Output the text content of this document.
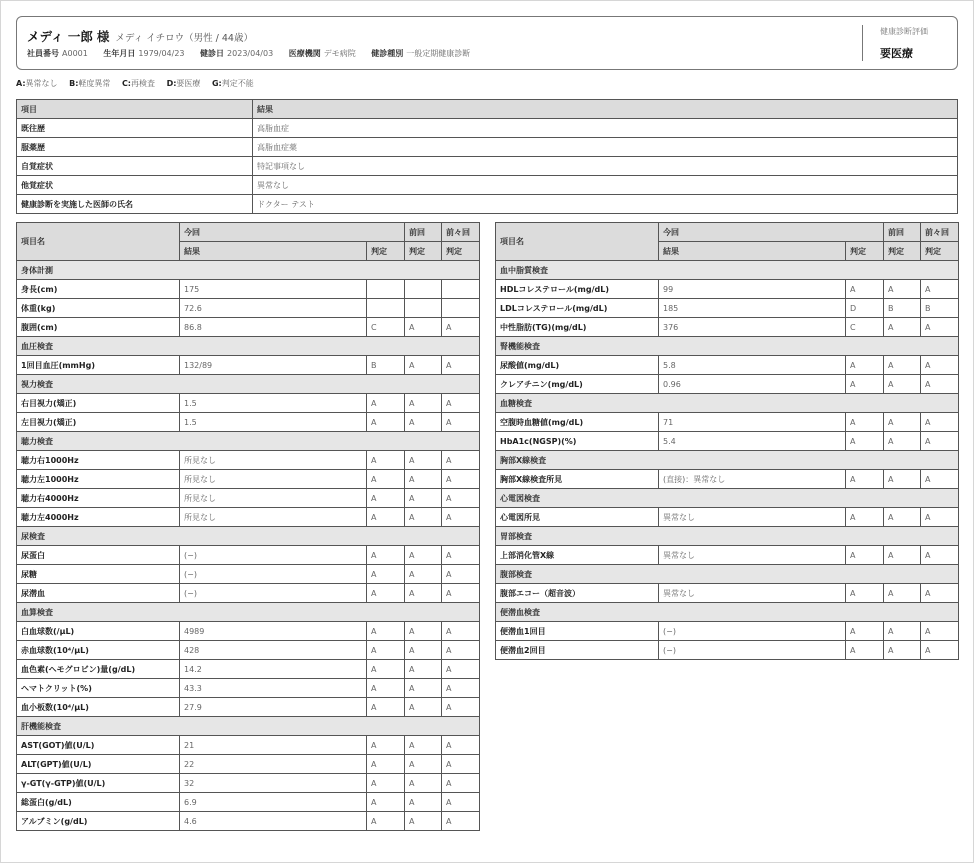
メディ 一郎 様 メディ イチロウ（男性 / 44歳）
社員番号 A0001 生年月日 1979/04/23 健診日 2023/04/03 医療機関 デモ病院 健診種別 一般定期健康診断
健康診断評価
要医療
A:異常なし B:軽度異常 C:再検査 D:要医療 G:判定不能
項目	結果
既往歴	高脂血症
服薬歴	高脂血症薬
自覚症状	特記事項なし
他覚症状	異常なし
健康診断を実施した医師の氏名	ドクター テスト
項目名	今回		前回	前々回
	結果	判定	判定	判定
身体計測				
身長(cm)	175			
体重(kg)	72.6			
腹囲(cm)	86.8	C	A	A
血圧検査				
1回目血圧(mmHg)	132/89	B	A	A
視力検査				
右目視力(矯正)	1.5	A	A	A
左目視力(矯正)	1.5	A	A	A
聴力検査				
聴力右1000Hz	所見なし	A	A	A
聴力左1000Hz	所見なし	A	A	A
聴力右4000Hz	所見なし	A	A	A
聴力左4000Hz	所見なし	A	A	A
尿検査				
尿蛋白	(−)	A	A	A
尿糖	(−)	A	A	A
尿潜血	(−)	A	A	A
血算検査				
白血球数(/μL)	4989	A	A	A
赤血球数(10⁴/μL)	428	A	A	A
血色素(ヘモグロビン)量(g/dL)	14.2	A	A	A
ヘマトクリット(%)	43.3	A	A	A
血小板数(10⁴/μL)	27.9	A	A	A
肝機能検査				
AST(GOT)値(U/L)	21	A	A	A
ALT(GPT)値(U/L)	22	A	A	A
γ-GT(γ-GTP)値(U/L)	32	A	A	A
総蛋白(g/dL)	6.9	A	A	A
アルブミン(g/dL)	4.6	A	A	A
項目名	今回		前回	前々回
	結果	判定	判定	判定
血中脂質検査				
HDLコレステロール(mg/dL)	99	A	A	A
LDLコレステロール(mg/dL)	185	D	B	B
中性脂肪(TG)(mg/dL)	376	C	A	A
腎機能検査				
尿酸値(mg/dL)	5.8	A	A	A
クレアチニン(mg/dL)	0.96	A	A	A
血糖検査				
空腹時血糖値(mg/dL)	71	A	A	A
HbA1c(NGSP)(%)	5.4	A	A	A
胸部X線検査				
胸部X線検査所見	(直接)：異常なし	A	A	A
心電図検査				
心電図所見	異常なし	A	A	A
胃部検査				
上部消化管X線	異常なし	A	A	A
腹部検査				
腹部エコー（超音波）	異常なし	A	A	A
便潜血検査				
便潜血1回目	(−)	A	A	A
便潜血2回目	(−)	A	A	A
